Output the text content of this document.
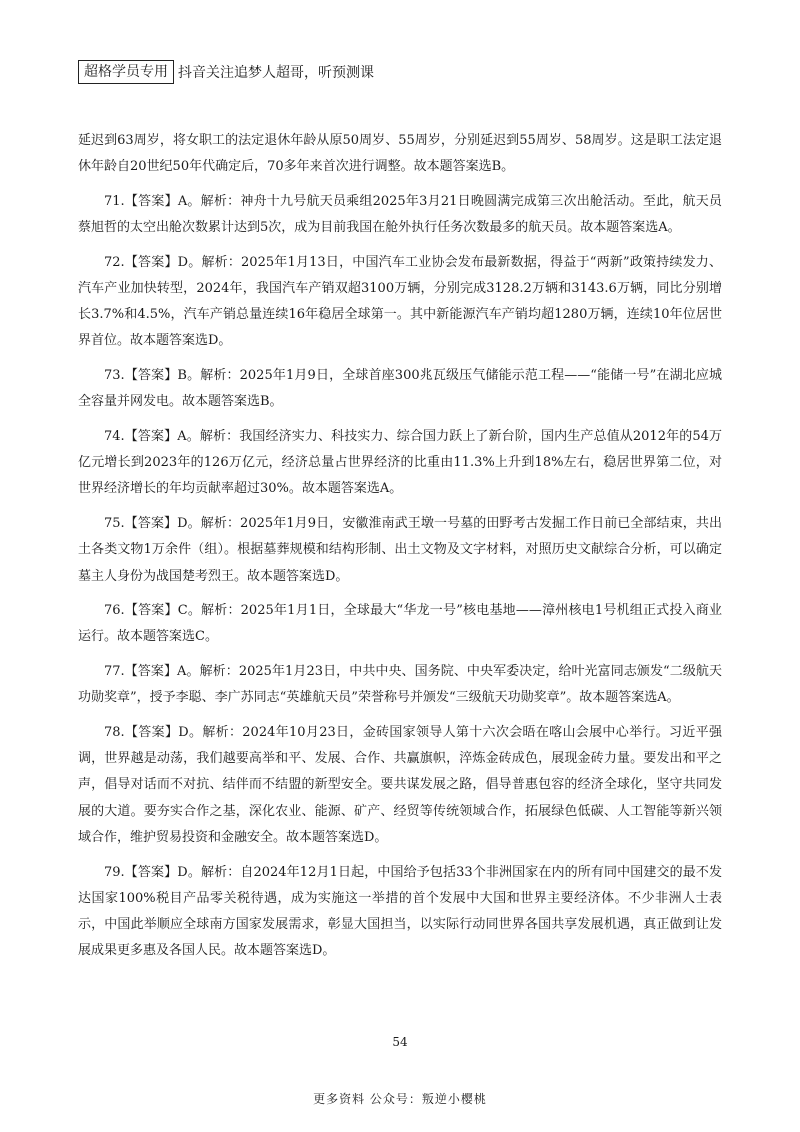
超格学员专用 抖音关注追梦人超哥，听预测课

延迟到63周岁，将女职工的法定退休年龄从原50周岁、55周岁，分别延迟到55周岁、58周岁。这是职工法定退休年龄自20世纪50年代确定后，70多年来首次进行调整。故本题答案选B。

71.【答案】A。解析：神舟十九号航天员乘组2025年3月21日晚圆满完成第三次出舱活动。至此，航天员蔡旭哲的太空出舱次数累计达到5次，成为目前我国在舱外执行任务次数最多的航天员。故本题答案选A。

72.【答案】D。解析：2025年1月13日，中国汽车工业协会发布最新数据，得益于“两新”政策持续发力、汽车产业加快转型，2024年，我国汽车产销双超3100万辆，分别完成3128.2万辆和3143.6万辆，同比分别增长3.7%和4.5%，汽车产销总量连续16年稳居全球第一。其中新能源汽车产销均超1280万辆，连续10年位居世界首位。故本题答案选D。

73.【答案】B。解析：2025年1月9日，全球首座300兆瓦级压气储能示范工程——“能储一号”在湖北应城全容量并网发电。故本题答案选B。

74.【答案】A。解析：我国经济实力、科技实力、综合国力跃上了新台阶，国内生产总值从2012年的54万亿元增长到2023年的126万亿元，经济总量占世界经济的比重由11.3%上升到18%左右，稳居世界第二位，对世界经济增长的年均贡献率超过30%。故本题答案选A。

75.【答案】D。解析：2025年1月9日，安徽淮南武王墩一号墓的田野考古发掘工作日前已全部结束，共出土各类文物1万余件（组）。根据墓葬规模和结构形制、出土文物及文字材料，对照历史文献综合分析，可以确定墓主人身份为战国楚考烈王。故本题答案选D。

76.【答案】C。解析：2025年1月1日，全球最大“华龙一号”核电基地——漳州核电1号机组正式投入商业运行。故本题答案选C。

77.【答案】A。解析：2025年1月23日，中共中央、国务院、中央军委决定，给叶光富同志颁发“二级航天功勋奖章”，授予李聪、李广苏同志“英雄航天员”荣誉称号并颁发“三级航天功勋奖章”。故本题答案选A。

78.【答案】D。解析：2024年10月23日，金砖国家领导人第十六次会晤在喀山会展中心举行。习近平强调，世界越是动荡，我们越要高举和平、发展、合作、共赢旗帜，淬炼金砖成色，展现金砖力量。要发出和平之声，倡导对话而不对抗、结伴而不结盟的新型安全。要共谋发展之路，倡导普惠包容的经济全球化，坚守共同发展的大道。要夯实合作之基，深化农业、能源、矿产、经贸等传统领域合作，拓展绿色低碳、人工智能等新兴领域合作，维护贸易投资和金融安全。故本题答案选D。

79.【答案】D。解析：自2024年12月1日起，中国给予包括33个非洲国家在内的所有同中国建交的最不发达国家100%税目产品零关税待遇，成为实施这一举措的首个发展中大国和世界主要经济体。不少非洲人士表示，中国此举顺应全球南方国家发展需求，彰显大国担当，以实际行动同世界各国共享发展机遇，真正做到让发展成果更多惠及各国人民。故本题答案选D。

54
更多资料 公众号：叛逆小樱桃
